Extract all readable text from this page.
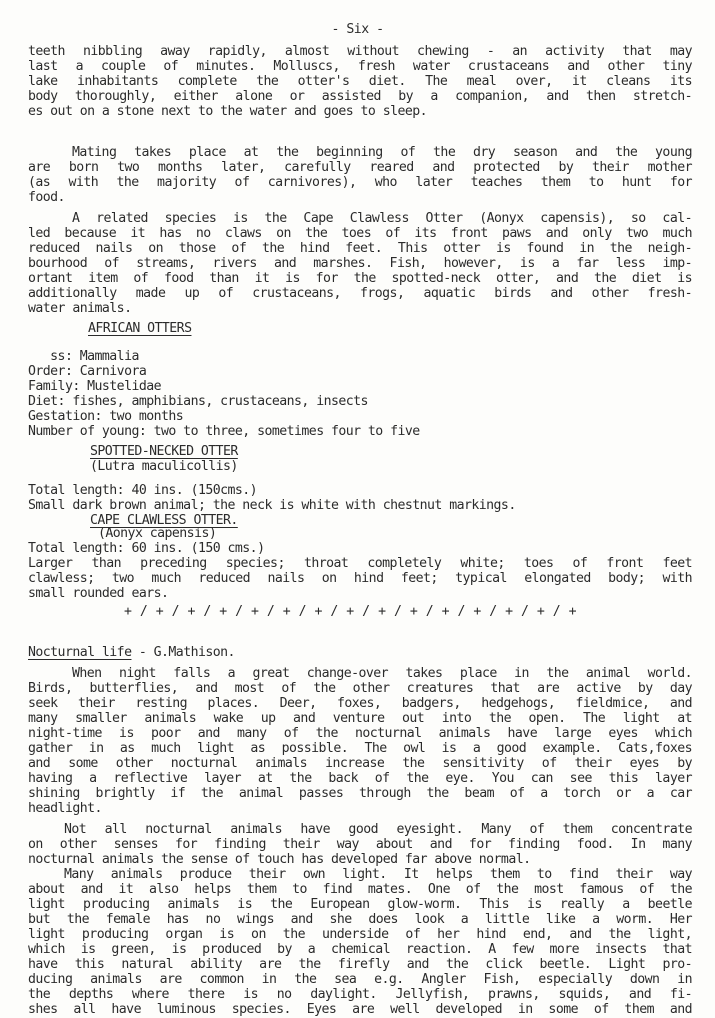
- Six -
teeth nibbling away rapidly, almost without chewing - an activity that may
last a couple of minutes. Molluscs, fresh water crustaceans and other tiny
lake inhabitants complete the otter's diet. The meal over, it cleans its
body thoroughly, either alone or assisted by a companion, and then stretch-
es out on a stone next to the water and goes to sleep.
Mating takes place at the beginning of the dry season and the young
are born two months later, carefully reared and protected by their mother
(as with the majority of carnivores), who later teaches them to hunt for
food.
A related species is the Cape Clawless Otter (Aonyx capensis), so cal-
led because it has no claws on the toes of its front paws and only two much
reduced nails on those of the hind feet. This otter is found in the neigh-
bourhood of streams, rivers and marshes. Fish, however, is a far less imp-
ortant item of food than it is for the spotted-neck otter, and the diet is
additionally made up of crustaceans, frogs, aquatic birds and other fresh-
water animals.
AFRICAN OTTERS
ss: Mammalia
Order: Carnivora
Family: Mustelidae
Diet: fishes, amphibians, crustaceans, insects
Gestation: two months
Number of young: two to three, sometimes four to five
SPOTTED-NECKED OTTER
(Lutra maculicollis)
Total length: 40 ins. (150cms.)
Small dark brown animal; the neck is white with chestnut markings.
CAPE CLAWLESS OTTER.
(Aonyx capensis)
Total length: 60 ins. (150 cms.)
Larger than preceding species; throat completely white; toes of front feet
clawless; two much reduced nails on hind feet; typical elongated body; with
small rounded ears.
+ / + / + / + / + / + / + / + / + / + / + / + / + / + / +
Nocturnal life - G.Mathison.
When night falls a great change-over takes place in the animal world.
Birds, butterflies, and most of the other creatures that are active by day
seek their resting places. Deer, foxes, badgers, hedgehogs, fieldmice, and
many smaller animals wake up and venture out into the open. The light at
night-time is poor and many of the nocturnal animals have large eyes which
gather in as much light as possible. The owl is a good example. Cats,foxes
and some other nocturnal animals increase the sensitivity of their eyes by
having a reflective layer at the back of the eye. You can see this layer
shining brightly if the animal passes through the beam of a torch or a car
headlight.
Not all nocturnal animals have good eyesight. Many of them concentrate
on other senses for finding their way about and for finding food. In many
nocturnal animals the sense of touch has developed far above normal.
Many animals produce their own light. It helps them to find their way
about and it also helps them to find mates. One of the most famous of the
light producing animals is the European glow-worm. This is really a beetle
but the female has no wings and she does look a little like a worm. Her
light producing organ is on the underside of her hind end, and the light,
which is green, is produced by a chemical reaction. A few more insects that
have this natural ability are the firefly and the click beetle. Light pro-
ducing animals are common in the sea e.g. Angler Fish, especially down in
the depths where there is no daylight. Jellyfish, prawns, squids, and fi-
shes all have luminous species. Eyes are well developed in some of them and
